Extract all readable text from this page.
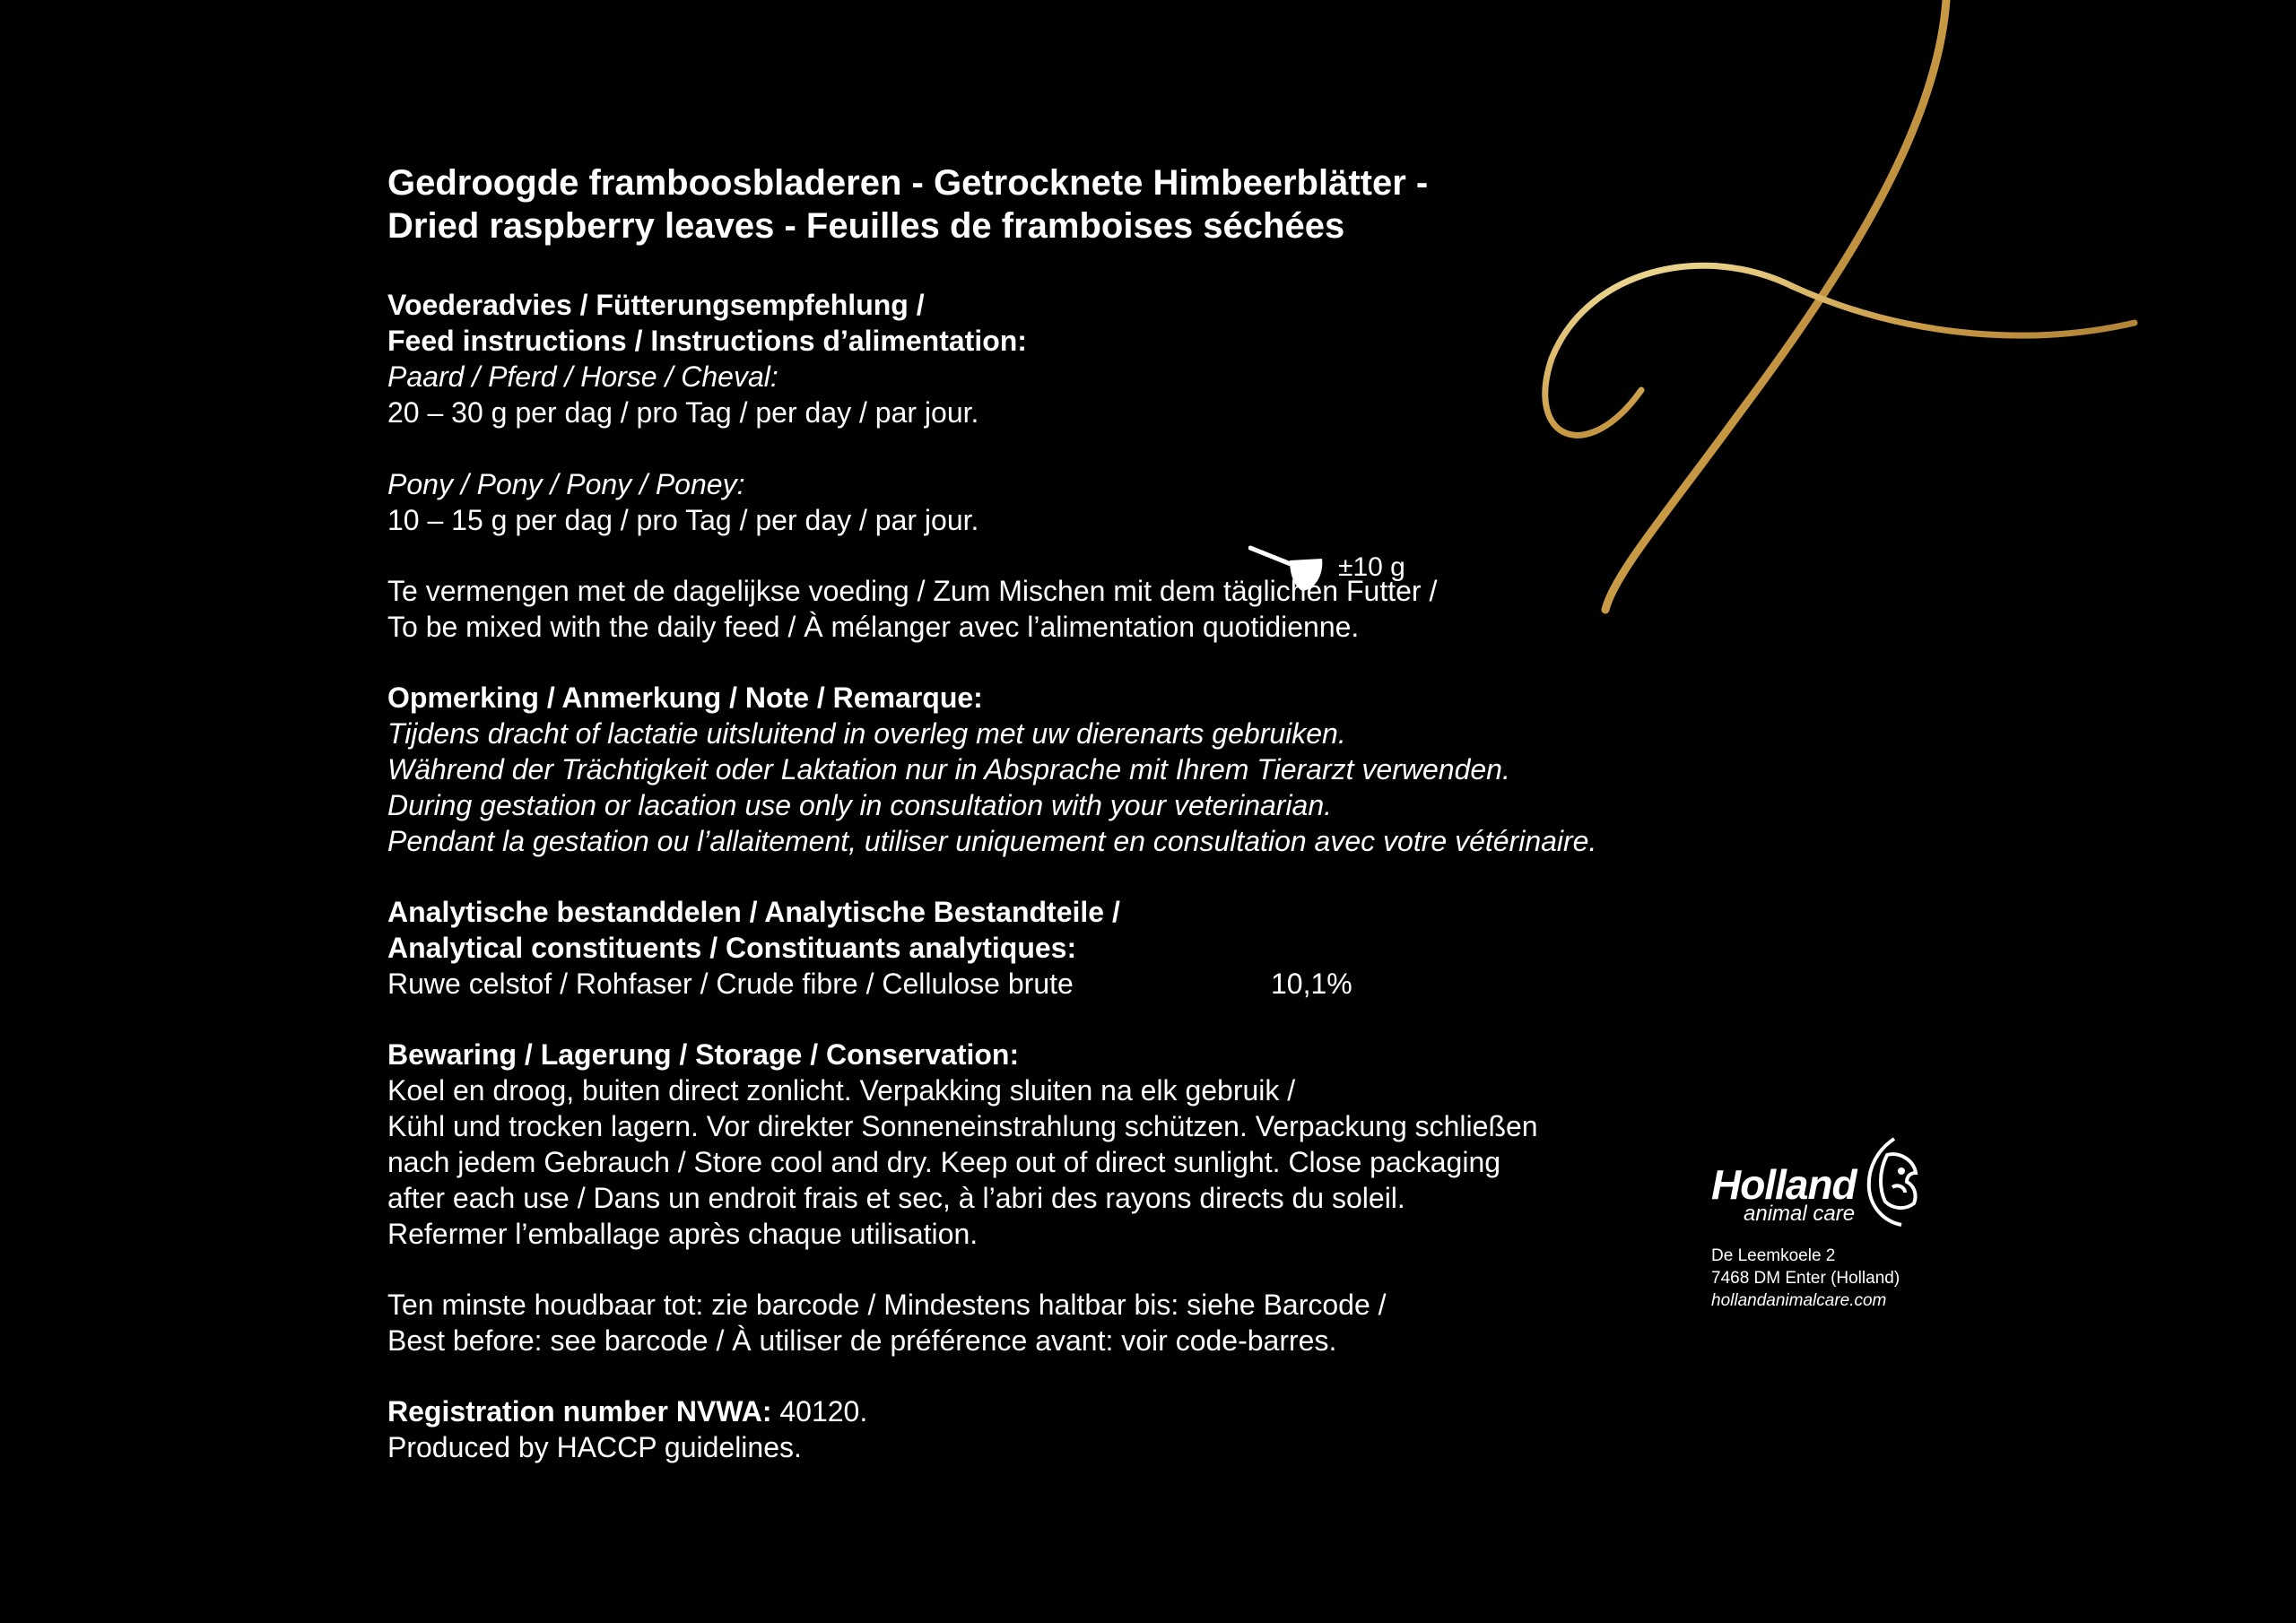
Gedroogde framboosbladeren - Getrocknete Himbeerblätter -
Dried raspberry leaves - Feuilles de framboises séchées
Voederadvies / Fütterungsempfehlung /
Feed instructions / Instructions d’alimentation:
Paard / Pferd / Horse / Cheval:
20 – 30 g per dag / pro Tag / per day / par jour.

Pony / Pony / Pony / Poney:
10 – 15 g per dag / pro Tag / per day / par jour.
±10 g
Te vermengen met de dagelijkse voeding / Zum Mischen mit dem täglichen Futter /
To be mixed with the daily feed / À mélanger avec l’alimentation quotidienne.
Opmerking / Anmerkung / Note / Remarque:
Tijdens dracht of lactatie uitsluitend in overleg met uw dierenarts gebruiken.
Während der Trächtigkeit oder Laktation nur in Absprache mit Ihrem Tierarzt verwenden.
During gestation or lacation use only in consultation with your veterinarian.
Pendant la gestation ou l’allaitement, utiliser uniquement en consultation avec votre vétérinaire.
Analytische bestanddelen / Analytische Bestandteile /
Analytical constituents / Constituants analytiques:
Ruwe celstof / Rohfaser / Crude fibre / Cellulose brute	10,1%
Bewaring / Lagerung / Storage / Conservation:
Koel en droog, buiten direct zonlicht. Verpakking sluiten na elk gebruik /
Kühl und trocken lagern. Vor direkter Sonneneinstrahlung schützen. Verpackung schließen
nach jedem Gebrauch / Store cool and dry. Keep out of direct sunlight. Close packaging
after each use / Dans un endroit frais et sec, à l’abri des rayons directs du soleil.
Refermer l’emballage après chaque utilisation.
Ten minste houdbaar tot: zie barcode / Mindestens haltbar bis: siehe Barcode /
Best before: see barcode / À utiliser de préférence avant: voir code-barres.
Registration number NVWA: 40120.
Produced by HACCP guidelines.
Holland
animal care
De Leemkoele 2
7468 DM Enter (Holland)
hollandanimalcare.com
